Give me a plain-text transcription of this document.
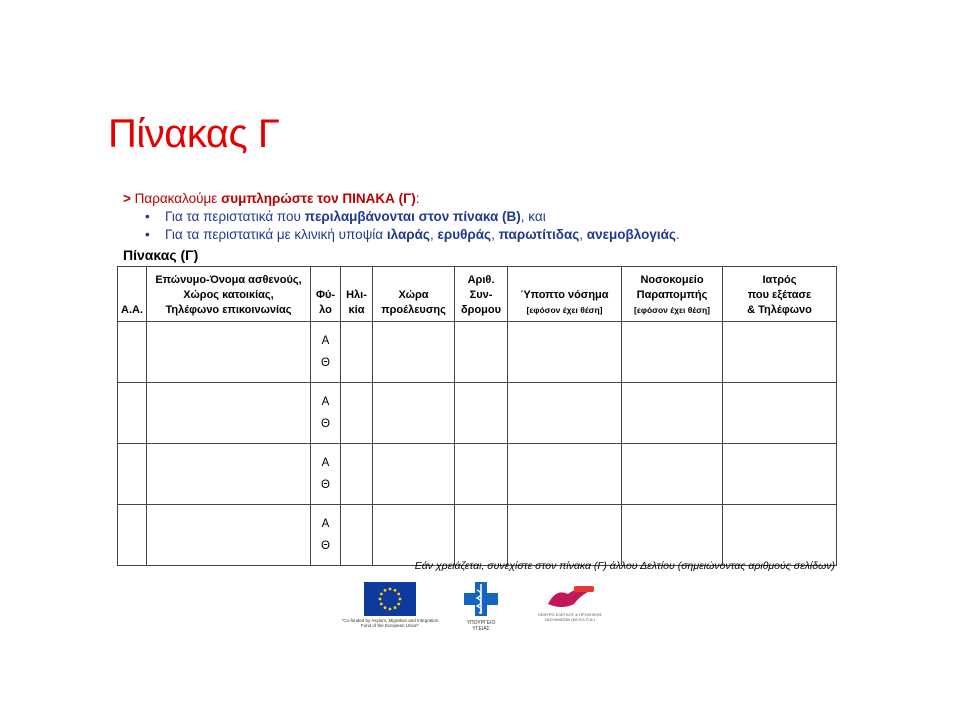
Πίνακας Γ
> Παρακαλούμε συμπληρώστε τον ΠΙΝΑΚΑ (Γ):
• Για τα περιστατικά που περιλαμβάνονται στον πίνακα (Β), και
• Για τα περιστατικά με κλινική υποψία ιλαράς, ερυθράς, παρωτίτιδας, ανεμοβλογιάς.
Πίνακας (Γ)
Α.Α.	Επώνυμο-Όνομα ασθενούς,
Χώρος κατοικίας,
Τηλέφωνο επικοινωνίας	Φύ-
λο	Ηλι-
κία	Χώρα
προέλευσης	Αριθ.
Συν-
δρομου	Ύποπτο νόσημα
[εφόσον έχει θέση]	Νοσοκομείο
Παραπομπής
[εφόσον έχει θέση]	Ιατρός
που εξέτασε
& Τηλέφωνο

		Α
Θ						

		Α
Θ						

		Α
Θ						

		Α
Θ						

Εάν χρειάζεται, συνεχίστε στον πίνακα (Γ) άλλου Δελτίου (σημειώνοντας αριθμούς σελίδων)
"Co-funded by Asylum, Migration and Integration Fund of the European Union"	ΥΠΟΥΡΓΕΙΟ ΥΓΕΙΑΣ
ΚΕΝΤΡΟ ΕΛΕΓΧΟΥ & ΠΡΟΛΗΨΗΣ ΝΟΣΗΜΑΤΩΝ (ΚΕ.ΕΛ.Π.Ν.)
